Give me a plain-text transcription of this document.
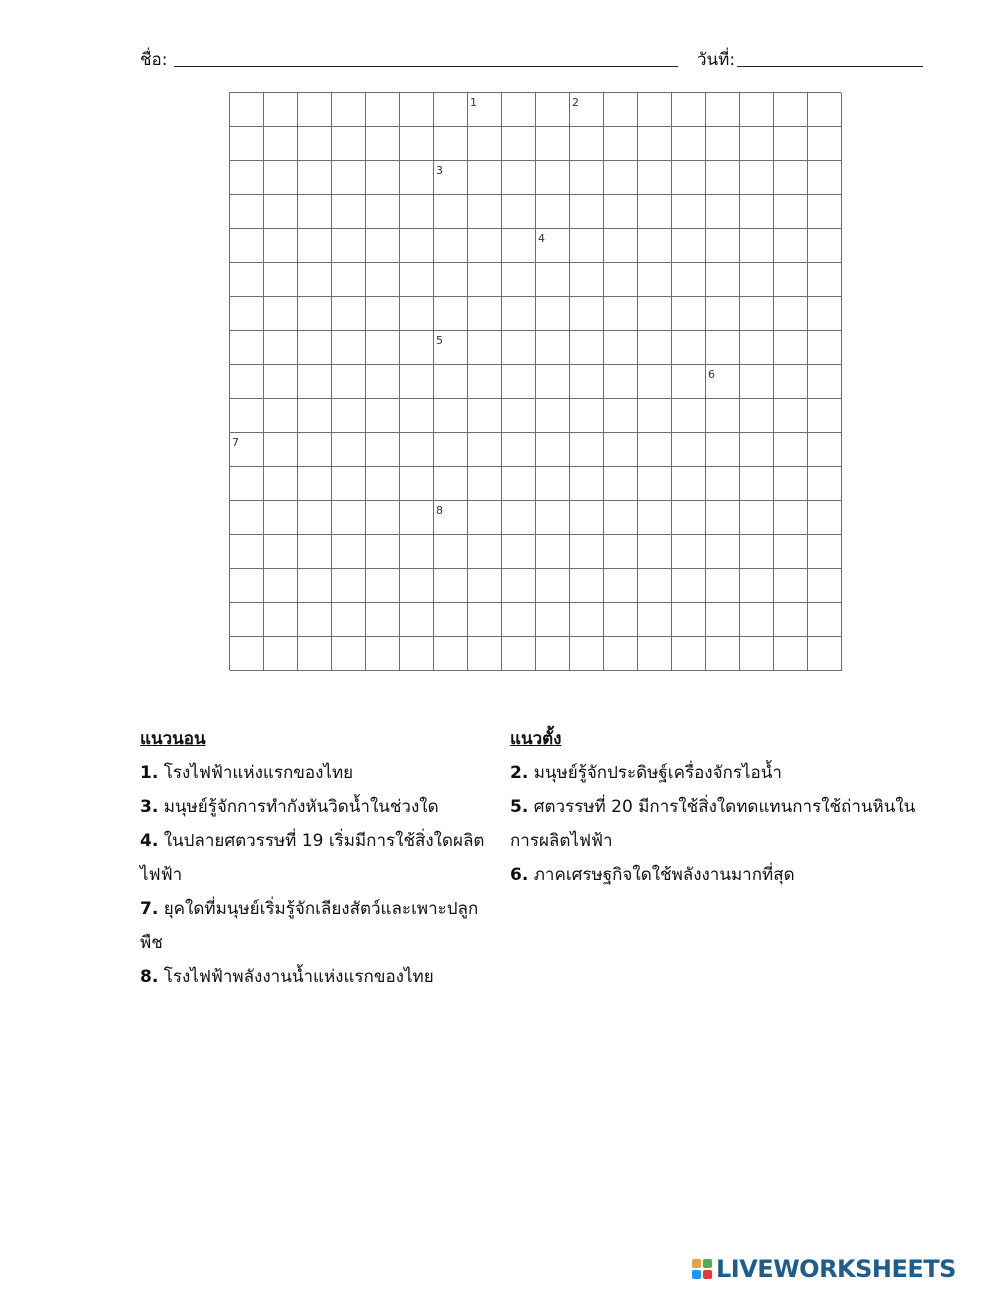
ชื่อ:	วันที่:
1	2
3
4
5
6
7
8
แนวนอน
1. โรงไฟฟ้าแห่งแรกของไทย
3. มนุษย์รู้จักการทำกังหันวิดน้ำในช่วงใด
4. ในปลายศตวรรษที่ 19 เริ่มมีการใช้สิ่งใดผลิตไฟฟ้า
7. ยุคใดที่มนุษย์เริ่มรู้จักเลียงสัตว์และเพาะปลูกพืช
8. โรงไฟฟ้าพลังงานน้ำแห่งแรกของไทย
แนวตั้ง
2. มนุษย์รู้จักประดิษฐ์เครื่องจักรไอน้ำ
5. ศตวรรษที่ 20 มีการใช้สิ่งใดทดแทนการใช้ถ่านหินในการผลิตไฟฟ้า
6. ภาคเศรษฐกิจใดใช้พลังงานมากที่สุด
LIVEWORKSHEETS
